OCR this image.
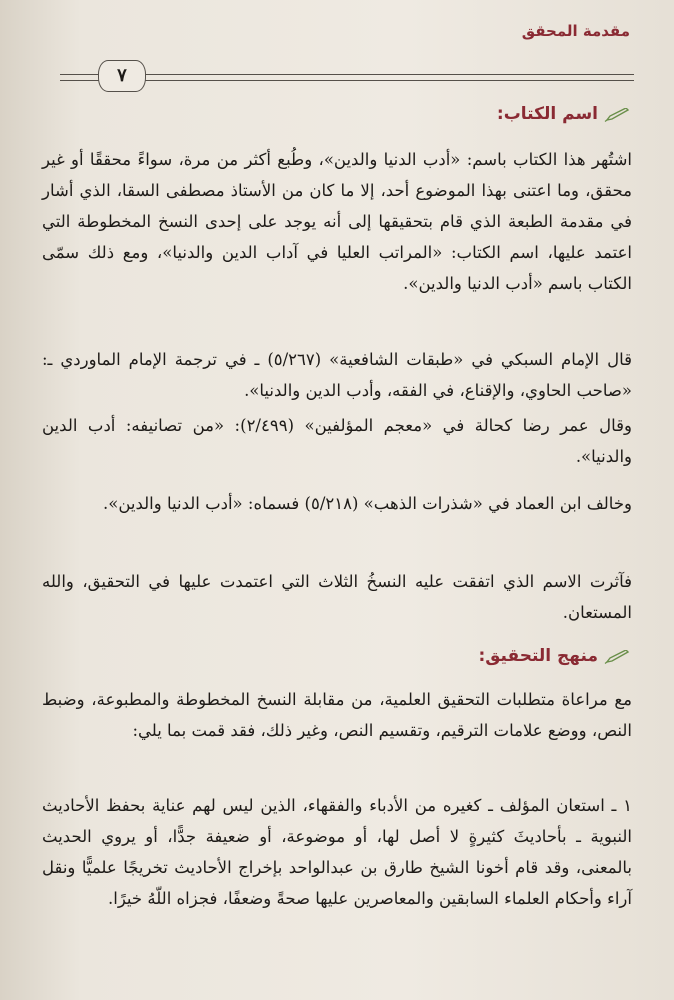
مقدمة المحقق
٧
اسم الكتاب:

اشتُهر هذا الكتاب باسم: «أدب الدنيا والدين»، وطُبع أكثر من مرة، سواءً محققًا أو غير محقق، وما اعتنى بهذا الموضوع أحد، إلا ما كان من الأستاذ مصطفى السقا، الذي أشار في مقدمة الطبعة الذي قام بتحقيقها إلى أنه يوجد على إحدى النسخ المخطوطة التي اعتمد عليها، اسم الكتاب: «المراتب العليا في آداب الدين والدنيا»، ومع ذلك سمّى الكتاب باسم «أدب الدنيا والدين».

قال الإمام السبكي في «طبقات الشافعية» (٥/٢٦٧) ـ في ترجمة الإمام الماوردي ـ: «صاحب الحاوي، والإقناع، في الفقه، وأدب الدين والدنيا».

وقال عمر رضا كحالة في «معجم المؤلفين» (٢/٤٩٩): «من تصانيفه: أدب الدين والدنيا».

وخالف ابن العماد في «شذرات الذهب» (٥/٢١٨) فسماه: «أدب الدنيا والدين».

فآثرت الاسم الذي اتفقت عليه النسخُ الثلاث التي اعتمدت عليها في التحقيق، والله المستعان.

منهج التحقيق:

مع مراعاة متطلبات التحقيق العلمية، من مقابلة النسخ المخطوطة والمطبوعة، وضبط النص، ووضع علامات الترقيم، وتقسيم النص، وغير ذلك، فقد قمت بما يلي:

١ ـ استعان المؤلف ـ كغيره من الأدباء والفقهاء، الذين ليس لهم عناية بحفظ الأحاديث النبوية ـ بأحاديثَ كثيرةٍ لا أصل لها، أو موضوعة، أو ضعيفة جدًّا، أو يروي الحديث بالمعنى، وقد قام أخونا الشيخ طارق بن عبدالواحد بإخراج الأحاديث تخريجًا علميًّا ونقل آراء وأحكام العلماء السابقين والمعاصرين عليها صحةً وضعفًا، فجزاه اللّهُ خيرًا.
